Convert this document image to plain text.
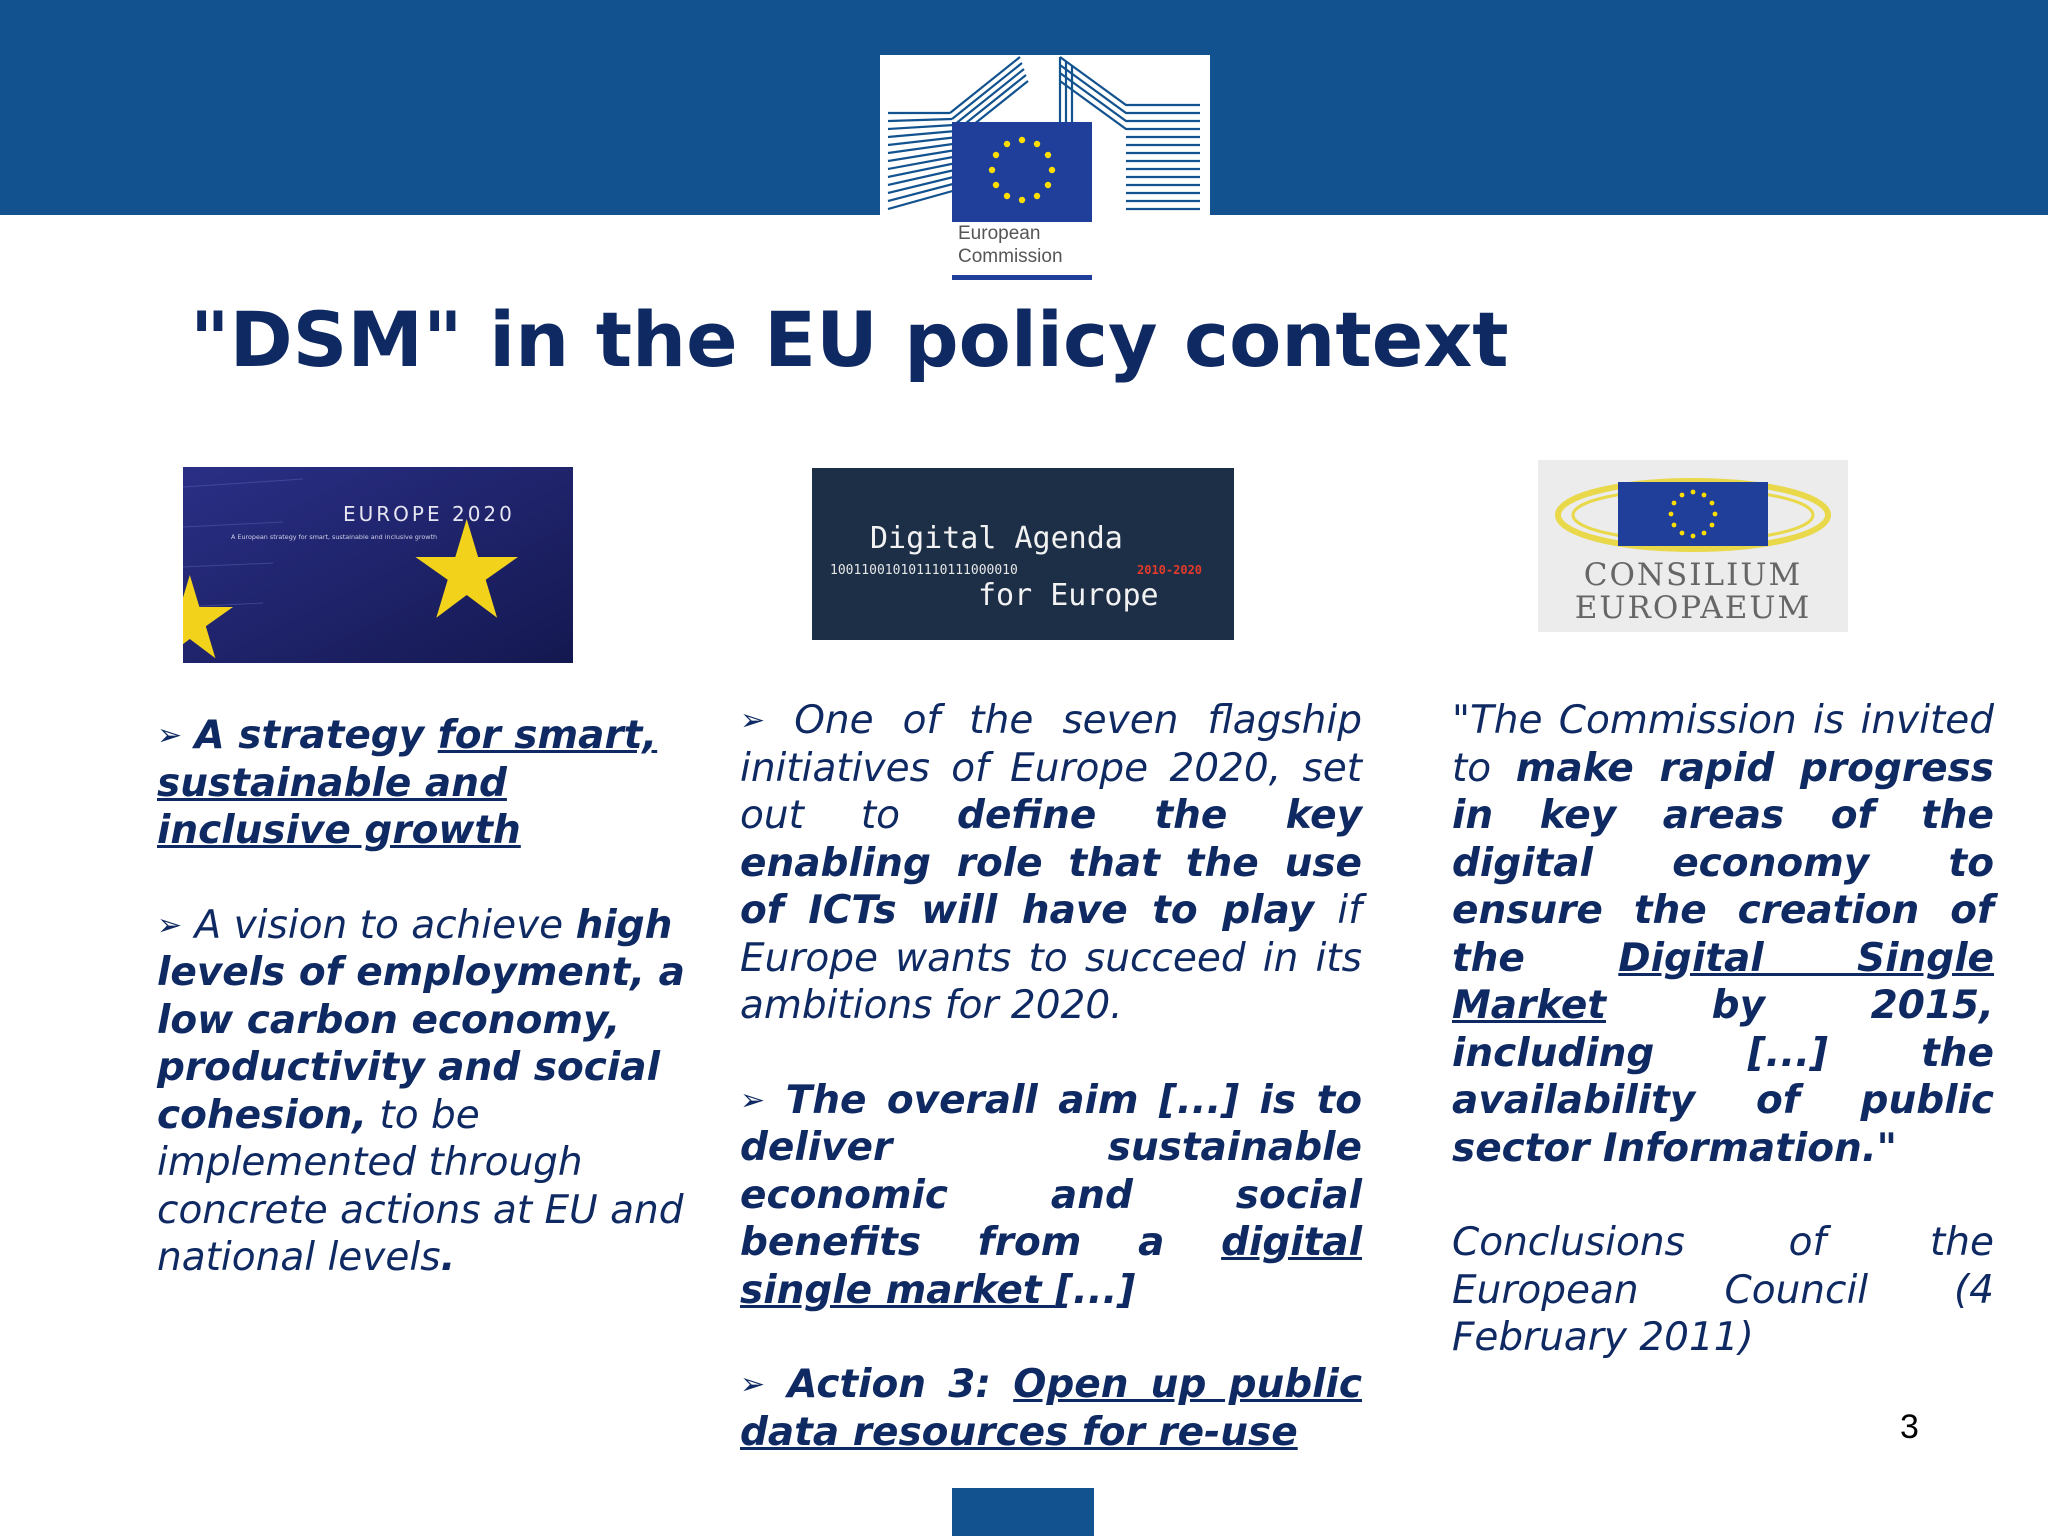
European
Commission
"DSM" in the EU policy context
EUROPE 2020
A European strategy for smart, sustainable and inclusive growth	Digital Agenda
100110010101110111000010	2010-2020
for Europe
CONSILIUM
EUROPAEUM

➢ A strategy for smart, sustainable and inclusive growth

➢ A vision to achieve high levels of employment, a low carbon economy, productivity and social cohesion, to be implemented through concrete actions at EU and national levels.

➢ One of the seven flagship initiatives of Europe 2020, set out to define the key enabling role that the use of ICTs will have to play if Europe wants to succeed in its ambitions for 2020.

➢ The overall aim [...] is to deliver sustainable economic and social benefits from a digital single market [...]

➢ Action 3: Open up public data resources for re-use

"The Commission is invited to make rapid progress in key areas of the digital economy to ensure the creation of the Digital Single Market by 2015, including [...] the availability of public sector Information."

Conclusions of the European Council (4 February 2011)

3
